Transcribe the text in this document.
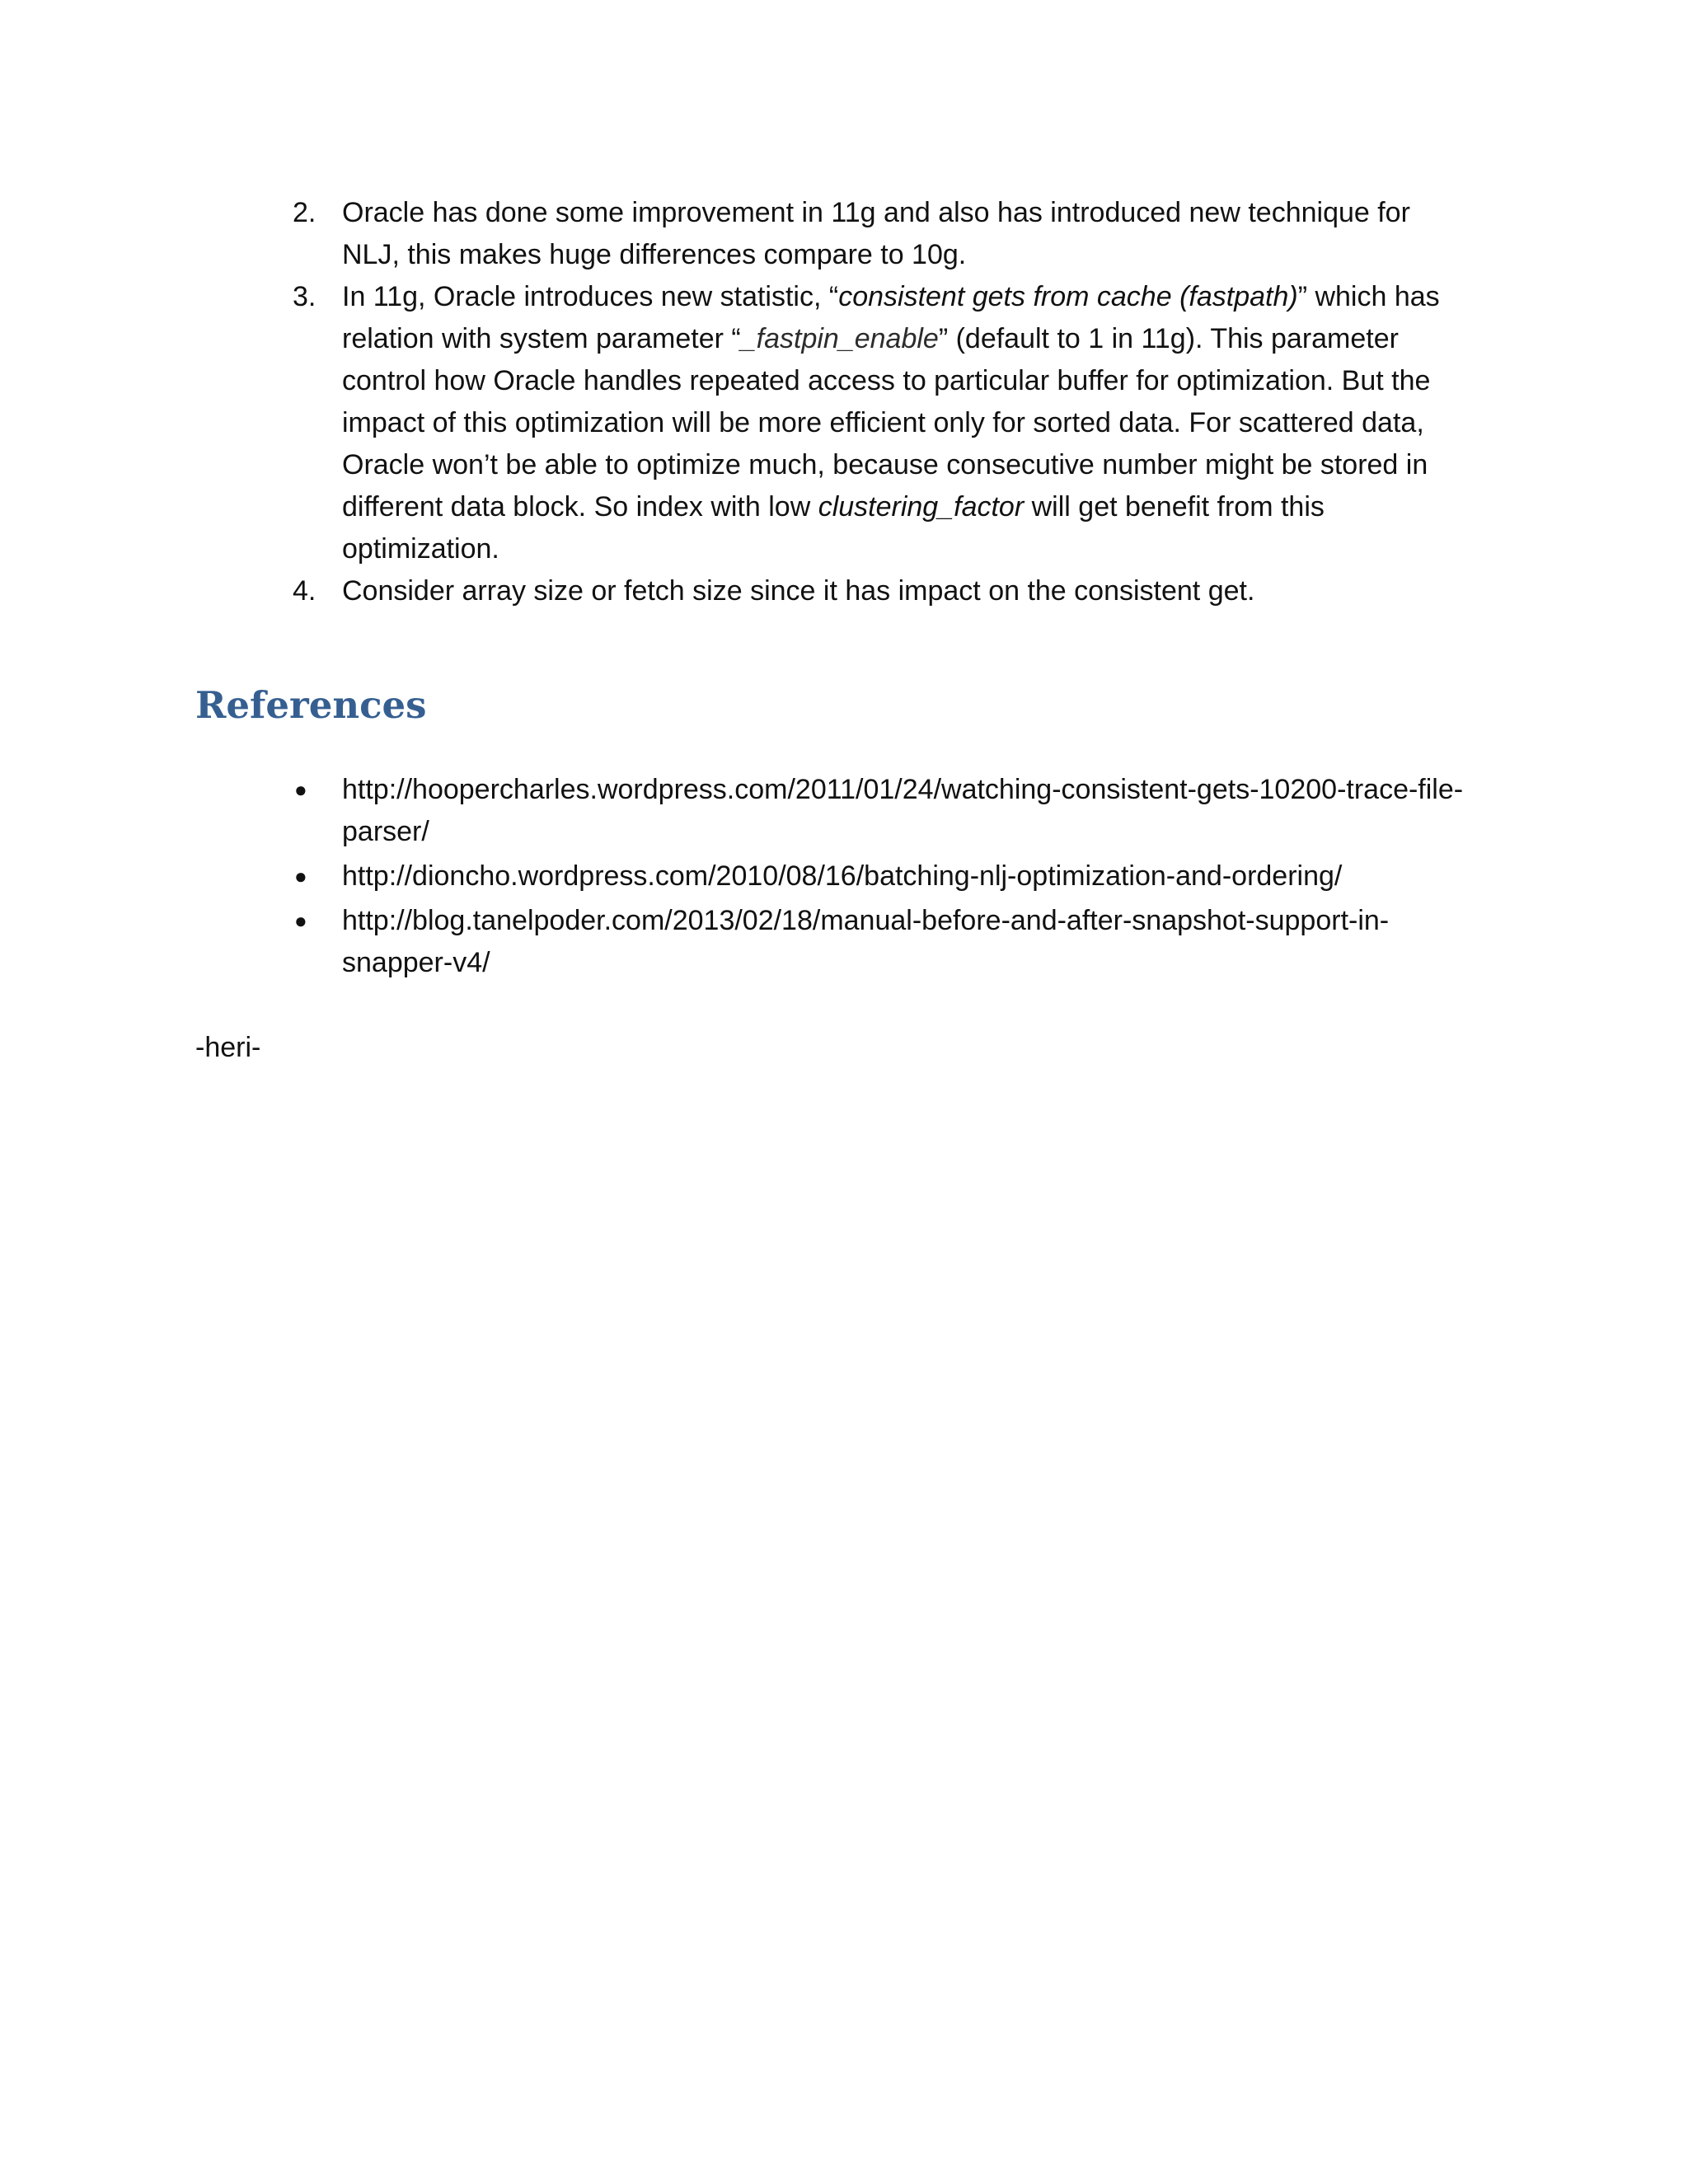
2. Oracle has done some improvement in 11g and also has introduced new technique for NLJ, this makes huge differences compare to 10g.
3. In 11g, Oracle introduces new statistic, “consistent gets from cache (fastpath)” which has relation with system parameter “_fastpin_enable” (default to 1 in 11g). This parameter control how Oracle handles repeated access to particular buffer for optimization. But the impact of this optimization will be more efficient only for sorted data. For scattered data, Oracle won’t be able to optimize much, because consecutive number might be stored in different data block. So index with low clustering_factor will get benefit from this optimization.
4. Consider array size or fetch size since it has impact on the consistent get.
References
●	http://hoopercharles.wordpress.com/2011/01/24/watching-consistent-gets-10200-trace-file-parser/
●	http://dioncho.wordpress.com/2010/08/16/batching-nlj-optimization-and-ordering/
●	http://blog.tanelpoder.com/2013/02/18/manual-before-and-after-snapshot-support-in-snapper-v4/
-heri-
